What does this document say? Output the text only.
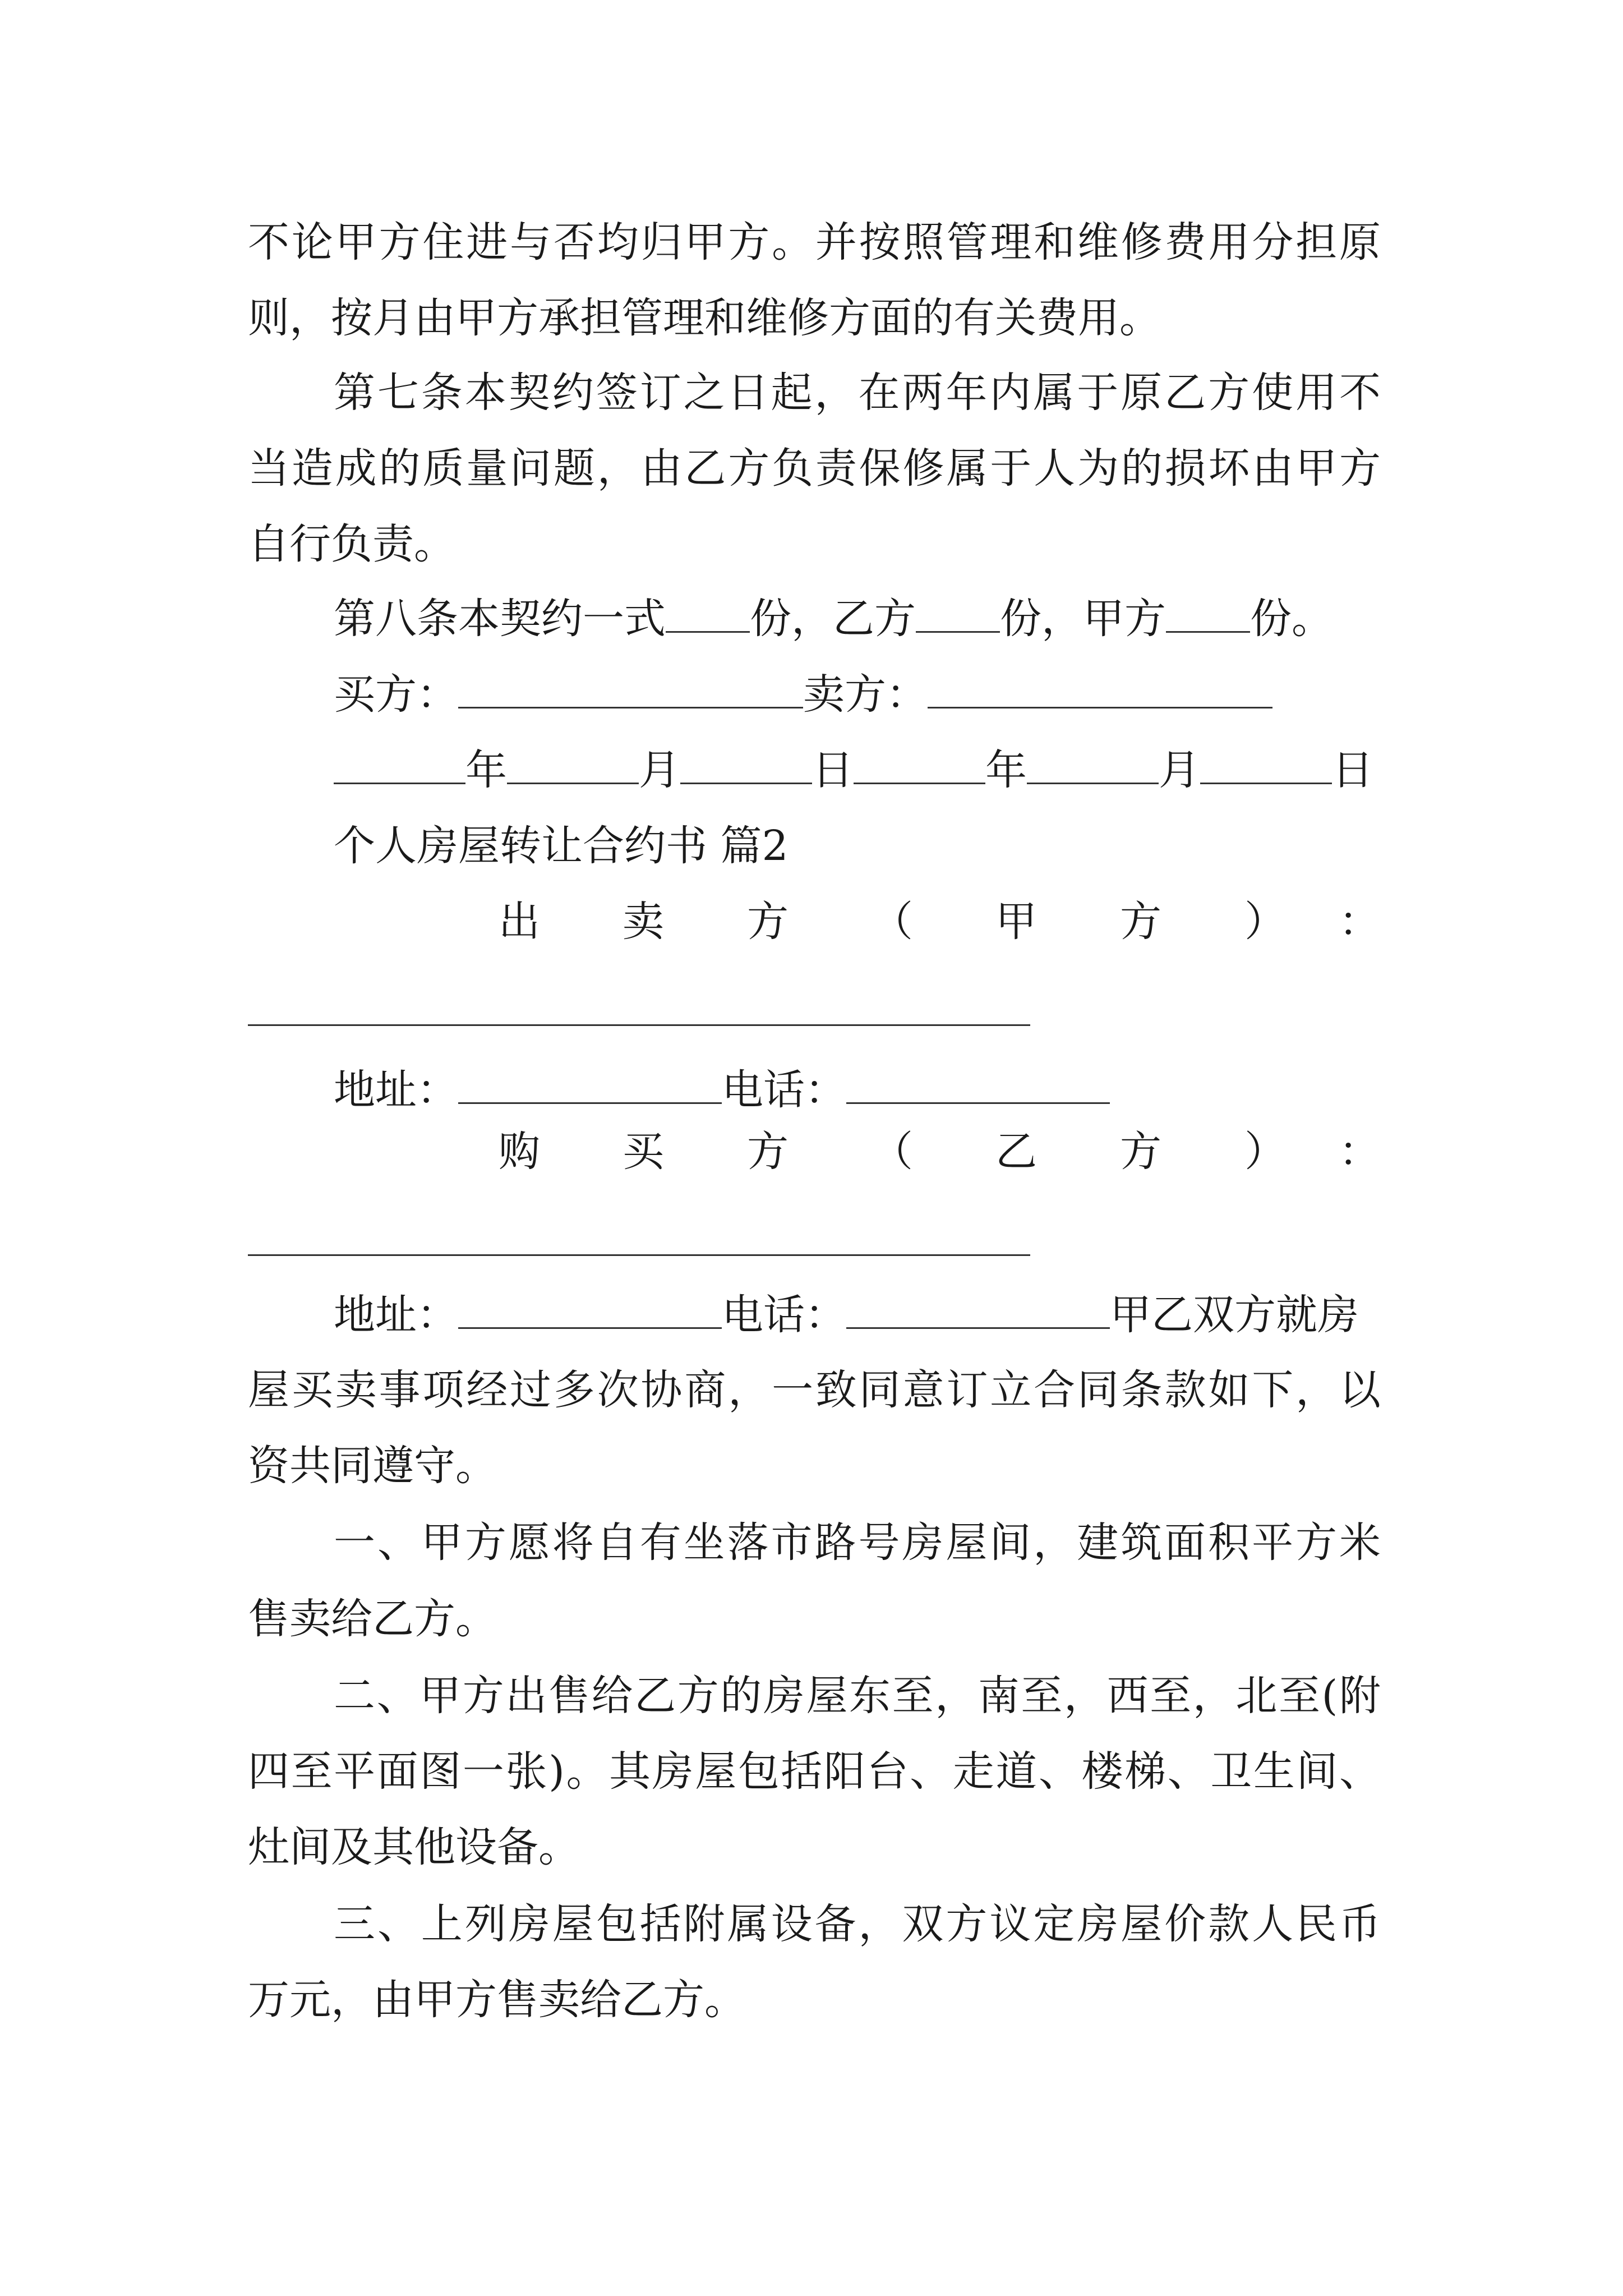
不论甲方住进与否均归甲方。并按照管理和维修费用分担原
则，按月由甲方承担管理和维修方面的有关费用。
第七条本契约签订之日起，在两年内属于原乙方使用不
当造成的质量问题，由乙方负责保修属于人为的损坏由甲方
自行负责。
第八条本契约一式 份，乙方 份，甲方 份。
买方：	卖方：
年	月	日	年	月	日
个人房屋转让合约书 篇2
出 卖 方 （ 甲 方 ） ：
地址：	电话：
购 买 方 （ 乙 方 ） ：
地址：	电话：	甲乙双方就房
屋买卖事项经过多次协商，一致同意订立合同条款如下，以
资共同遵守。
一、甲方愿将自有坐落市路号房屋间，建筑面积平方米
售卖给乙方。
二、甲方出售给乙方的房屋东至，南至，西至，北至(附
四至平面图一张)。其房屋包括阳台、走道、楼梯、卫生间、
灶间及其他设备。
三、上列房屋包括附属设备，双方议定房屋价款人民币
万元，由甲方售卖给乙方。
